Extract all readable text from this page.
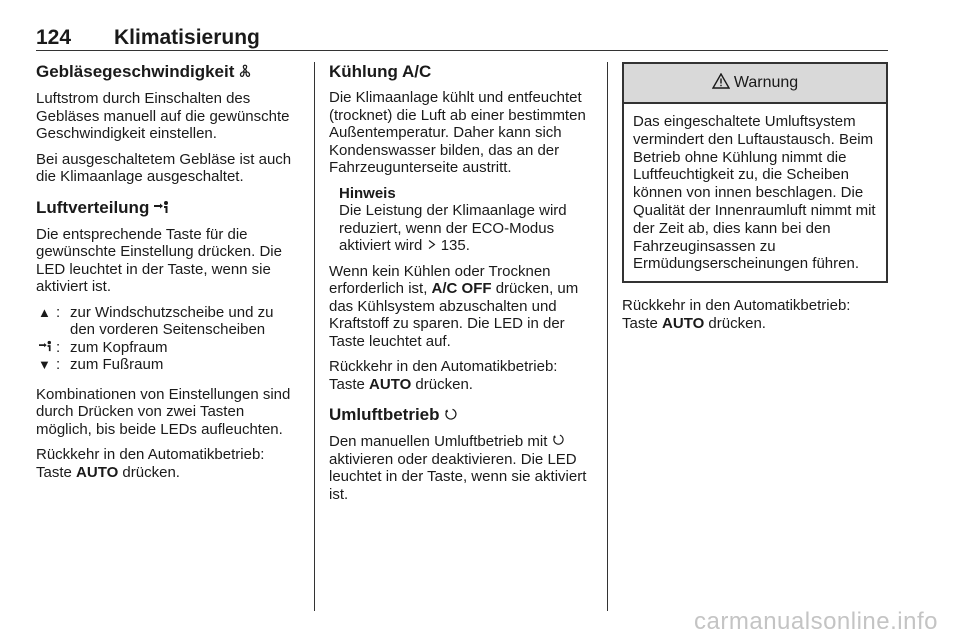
124 Klimatisierung
Gebläsegeschwindigkeit

Luftstrom durch Einschalten des Gebläses manuell auf die gewünschte Geschwindigkeit einstellen.

Bei ausgeschaltetem Gebläse ist auch die Klimaanlage ausgeschaltet.

Luftverteilung

Die entsprechende Taste für die gewünschte Einstellung drücken. Die LED leuchtet in der Taste, wenn sie aktiviert ist.

▲ : zur Windschutzscheibe und zu den vorderen Seitenscheiben
: zum Kopfraum
▼ : zum Fußraum

Kombinationen von Einstellungen sind durch Drücken von zwei Tasten möglich, bis beide LEDs aufleuchten.

Rückkehr in den Automatikbetrieb: Taste AUTO drücken.

Kühlung A/C

Die Klimaanlage kühlt und entfeuchtet (trocknet) die Luft ab einer bestimmten Außentemperatur. Daher kann sich Kondenswasser bilden, das an der Fahrzeugunterseite austritt.

Hinweis
Die Leistung der Klimaanlage wird reduziert, wenn der ECO-Modus aktiviert wird 135.

Wenn kein Kühlen oder Trocknen erforderlich ist, A/C OFF drücken, um das Kühlsystem abzuschalten und Kraftstoff zu sparen. Die LED in der Taste leuchtet auf.

Rückkehr in den Automatikbetrieb: Taste AUTO drücken.

Umluftbetrieb

Den manuellen Umluftbetrieb mit  aktivieren oder deaktivieren. Die LED leuchtet in der Taste, wenn sie aktiviert ist.

Warnung
Das eingeschaltete Umluftsystem vermindert den Luftaustausch. Beim Betrieb ohne Kühlung nimmt die Luftfeuchtigkeit zu, die Scheiben können von innen beschlagen. Die Qualität der Innenraumluft nimmt mit der Zeit ab, dies kann bei den Fahrzeuginsassen zu Ermüdungserscheinungen führen.

Rückkehr in den Automatikbetrieb: Taste AUTO drücken.

carmanualsonline.info
